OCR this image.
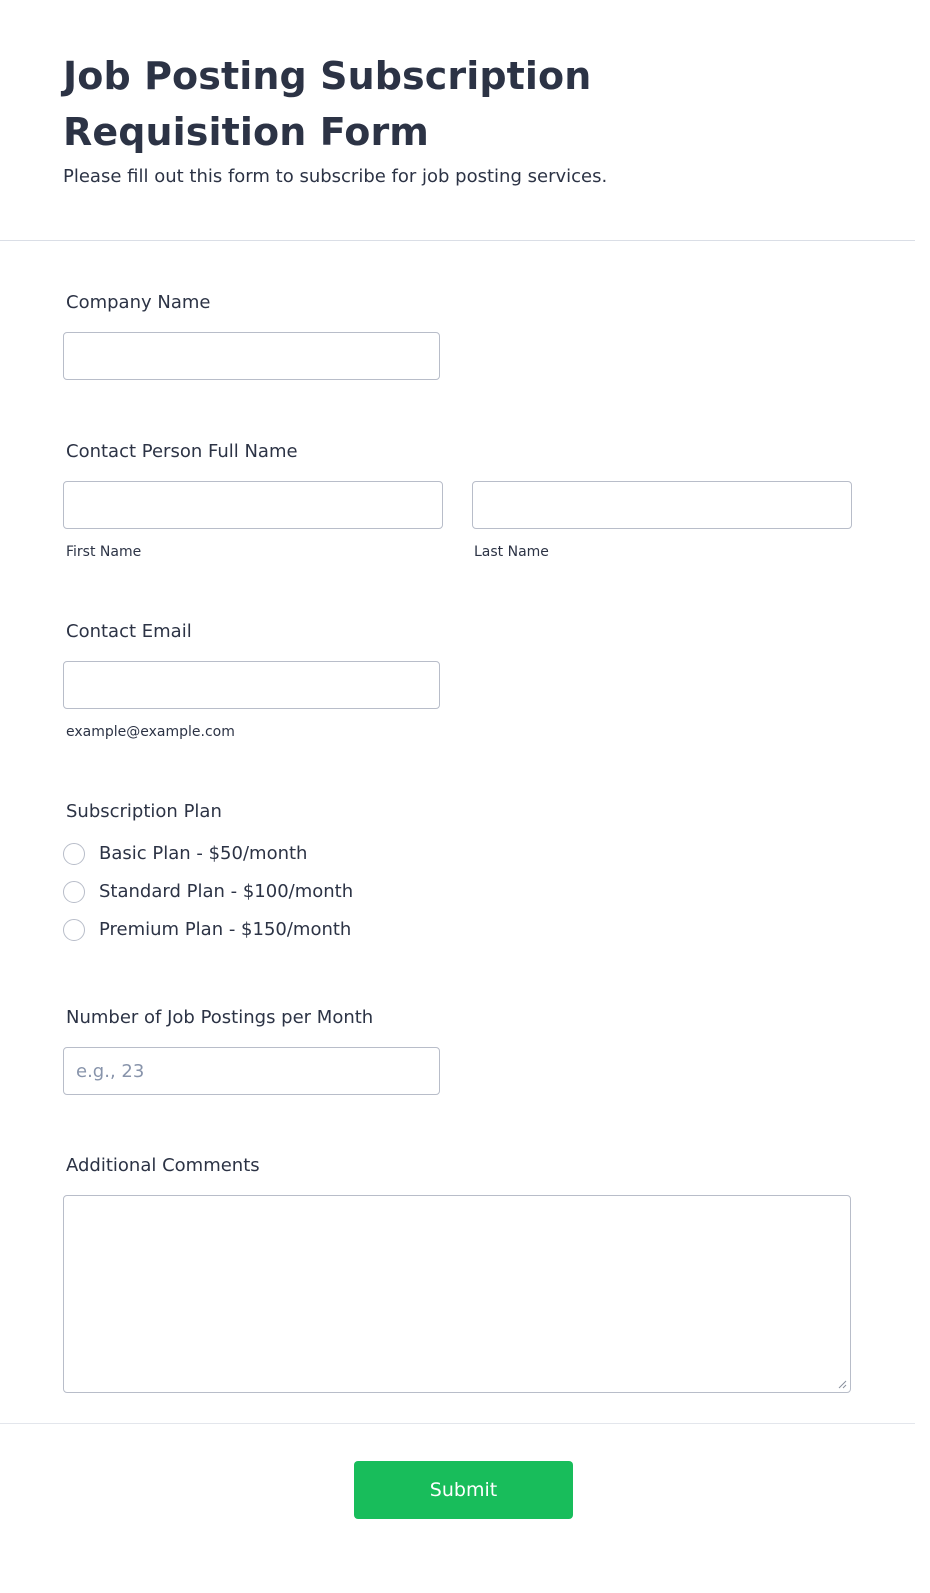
Job Posting Subscription Requisition Form

Please fill out this form to subscribe for job posting services.

Company Name
Contact Person Full Name

First Name	Last Name

Contact Email

example@example.com

Subscription Plan
Basic Plan - $50/month
Standard Plan - $100/month
Premium Plan - $150/month
Number of Job Postings per Month
e.g., 23
Additional Comments
Submit
